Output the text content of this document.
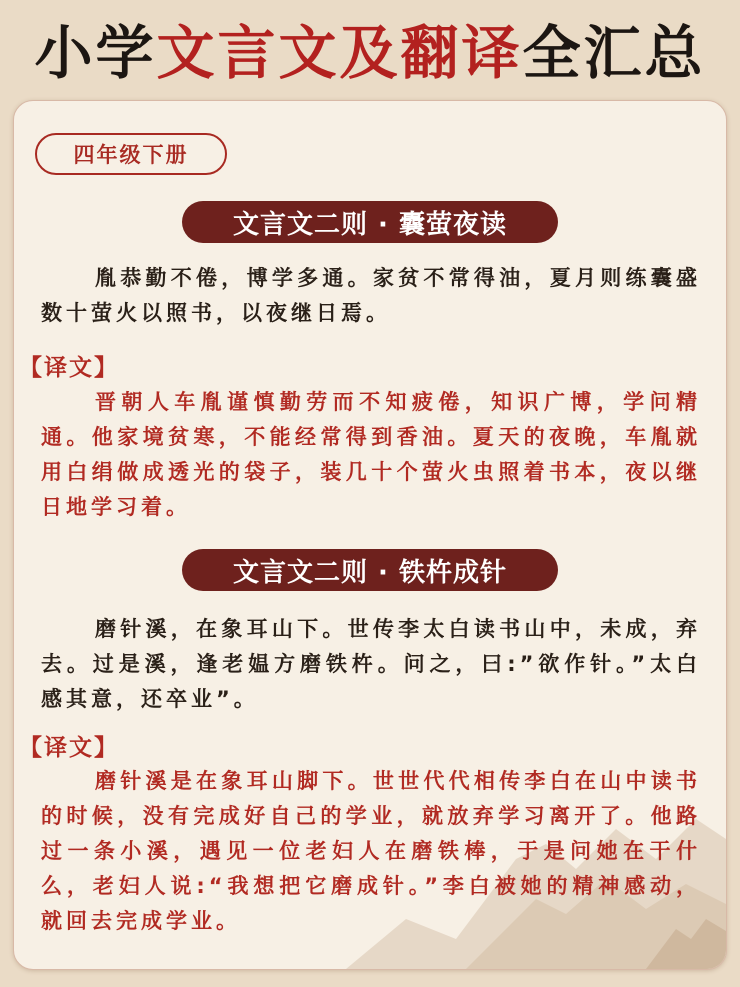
小学 文言文及翻译 全汇总
四年级下册
文言文二则 · 囊萤夜读
胤恭勤不倦，博学多通。家贫不常得油，夏月则练囊盛数十萤火以照书，以夜继日焉。
【译文】
晋朝人车胤谨慎勤劳而不知疲倦，知识广博，学问精通。他家境贫寒，不能经常得到香油。夏天的夜晚，车胤就用白绢做成透光的袋子，装几十个萤火虫照着书本，夜以继日地学习着。
文言文二则 · 铁杵成针
磨针溪，在象耳山下。世传李太白读书山中，未成，弃去。过是溪，逢老媪方磨铁杵。问之，曰:”欲作针。”太白感其意，还卒业”。
【译文】
磨针溪是在象耳山脚下。世世代代相传李白在山中读书的时候，没有完成好自己的学业，就放弃学习离开了。他路过一条小溪，遇见一位老妇人在磨铁棒，于是问她在干什么，老妇人说:“我想把它磨成针。”李白被她的精神感动，就回去完成学业。
